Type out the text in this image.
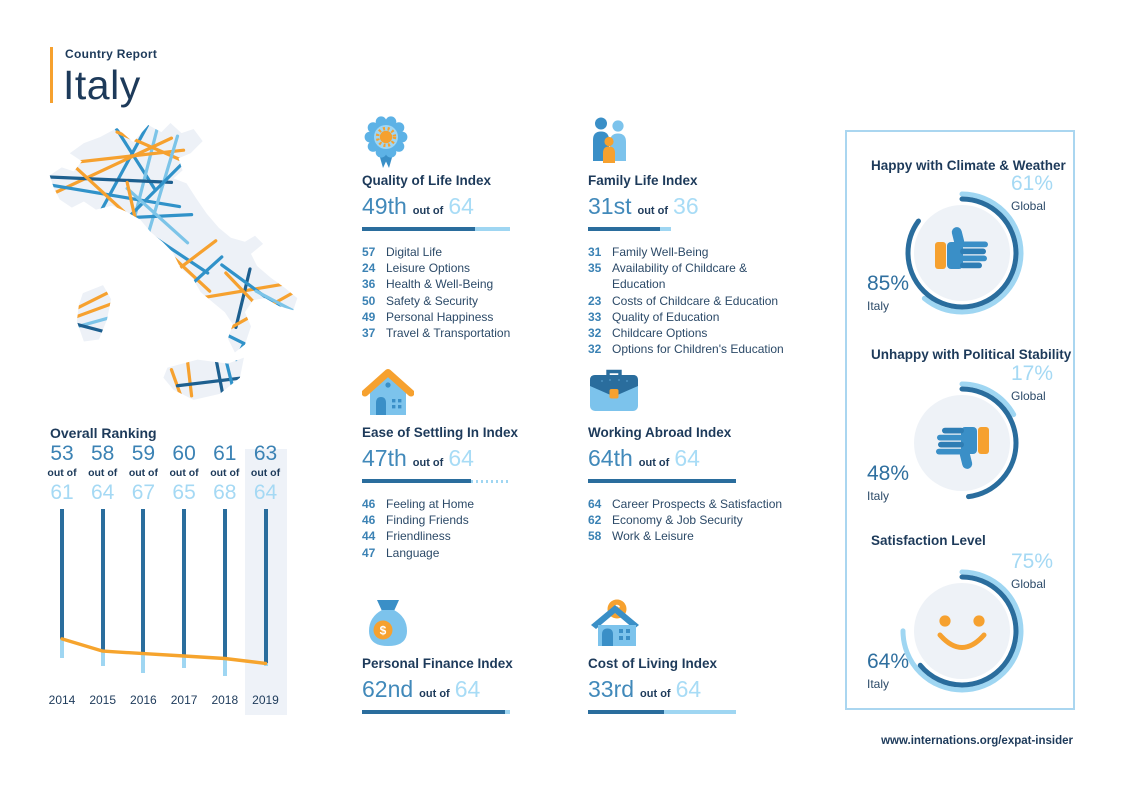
Country Report
Italy
Overall Ranking
53
out of
61
58
out of
64
59
out of
67
60
out of
65
61
out of
68
63
out of
64
2014	2015	2016	2017	2018	2019
Quality of Life Index
49th out of 64
57 Digital Life
24 Leisure Options
36 Health & Well-Being
50 Safety & Security
49 Personal Happiness
37 Travel & Transportation
Family Life Index
31st out of 36
31 Family Well-Being
35 Availability of Childcare & Education
23 Costs of Childcare & Education
33 Quality of Education
32 Childcare Options
32 Options for Children's Education
Ease of Settling In Index
47th out of 64
46 Feeling at Home
46 Finding Friends
44 Friendliness
47 Language
Working Abroad Index
64th out of 64
64 Career Prospects & Satisfaction
62 Economy & Job Security
58 Work & Leisure
$
Personal Finance Index
62nd out of 64
Cost of Living Index
33rd out of 64
Happy with Climate & Weather
61%
Global
85%
Italy
Unhappy with Political Stability
17%
Global
48%
Italy
Satisfaction Level
75%
Global
64%
Italy
www.internations.org/expat-insider
